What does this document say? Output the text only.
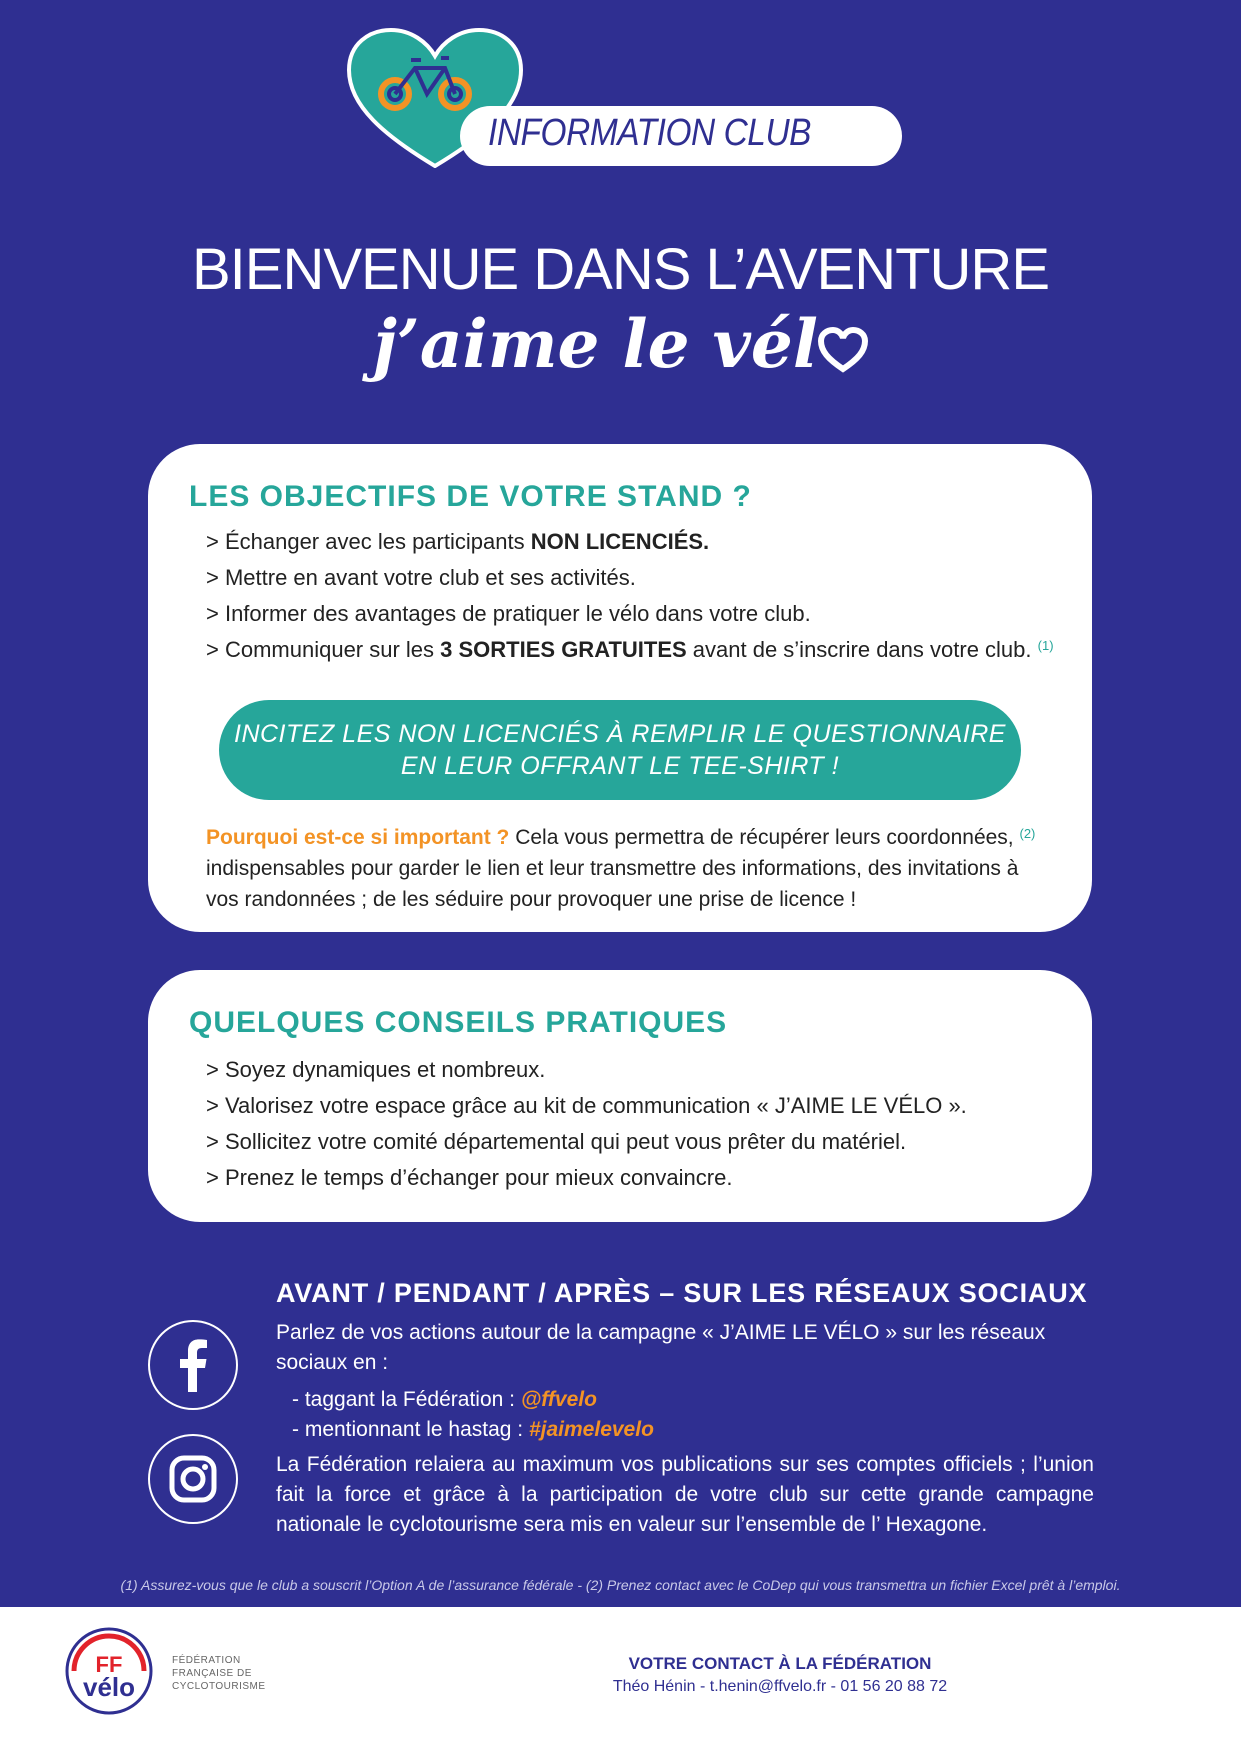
INFORMATION CLUB
BIENVENUE DANS L’AVENTURE
j’aime le vél
LES OBJECTIFS DE VOTRE STAND ?
> Échanger avec les participants NON LICENCIÉS.
> Mettre en avant votre club et ses activités.
> Informer des avantages de pratiquer le vélo dans votre club.
> Communiquer sur les 3 SORTIES GRATUITES avant de s’inscrire dans votre club. $^{(1)}$
INCITEZ LES NON LICENCIÉS À REMPLIR LE QUESTIONNAIRE
EN LEUR OFFRANT LE TEE-SHIRT !
Pourquoi est-ce si important ? Cela vous permettra de récupérer leurs coordonnées, $^{(2)}$ indispensables pour garder le lien et leur transmettre des informations, des invitations à vos randonnées ; de les séduire pour provoquer une prise de licence !
QUELQUES CONSEILS PRATIQUES
> Soyez dynamiques et nombreux.
> Valorisez votre espace grâce au kit de communication « J’AIME LE VÉLO ».
> Sollicitez votre comité départemental qui peut vous prêter du matériel.
> Prenez le temps d’échanger pour mieux convaincre.
AVANT / PENDANT / APRÈS – SUR LES RÉSEAUX SOCIAUX
Parlez de vos actions autour de la campagne « J’AIME LE VÉLO » sur les réseaux sociaux en :
- taggant la Fédération : @ffvelo
- mentionnant le hastag : #jaimelevelo
La Fédération relaiera au maximum vos publications sur ses comptes officiels ; l’union fait la force et grâce à la participation de votre club sur cette grande campagne nationale le cyclotourisme sera mis en valeur sur l’ensemble de l’ Hexagone.
(1) Assurez-vous que le club a souscrit l’Option A de l’assurance fédérale - (2) Prenez contact avec le CoDep qui vous transmettra un fichier Excel prêt à l’emploi.
FF
vélo
FÉDÉRATION
FRANÇAISE DE
CYCLOTOURISME
VOTRE CONTACT À LA FÉDÉRATION
Théo Hénin - t.henin@ffvelo.fr - 01 56 20 88 72
